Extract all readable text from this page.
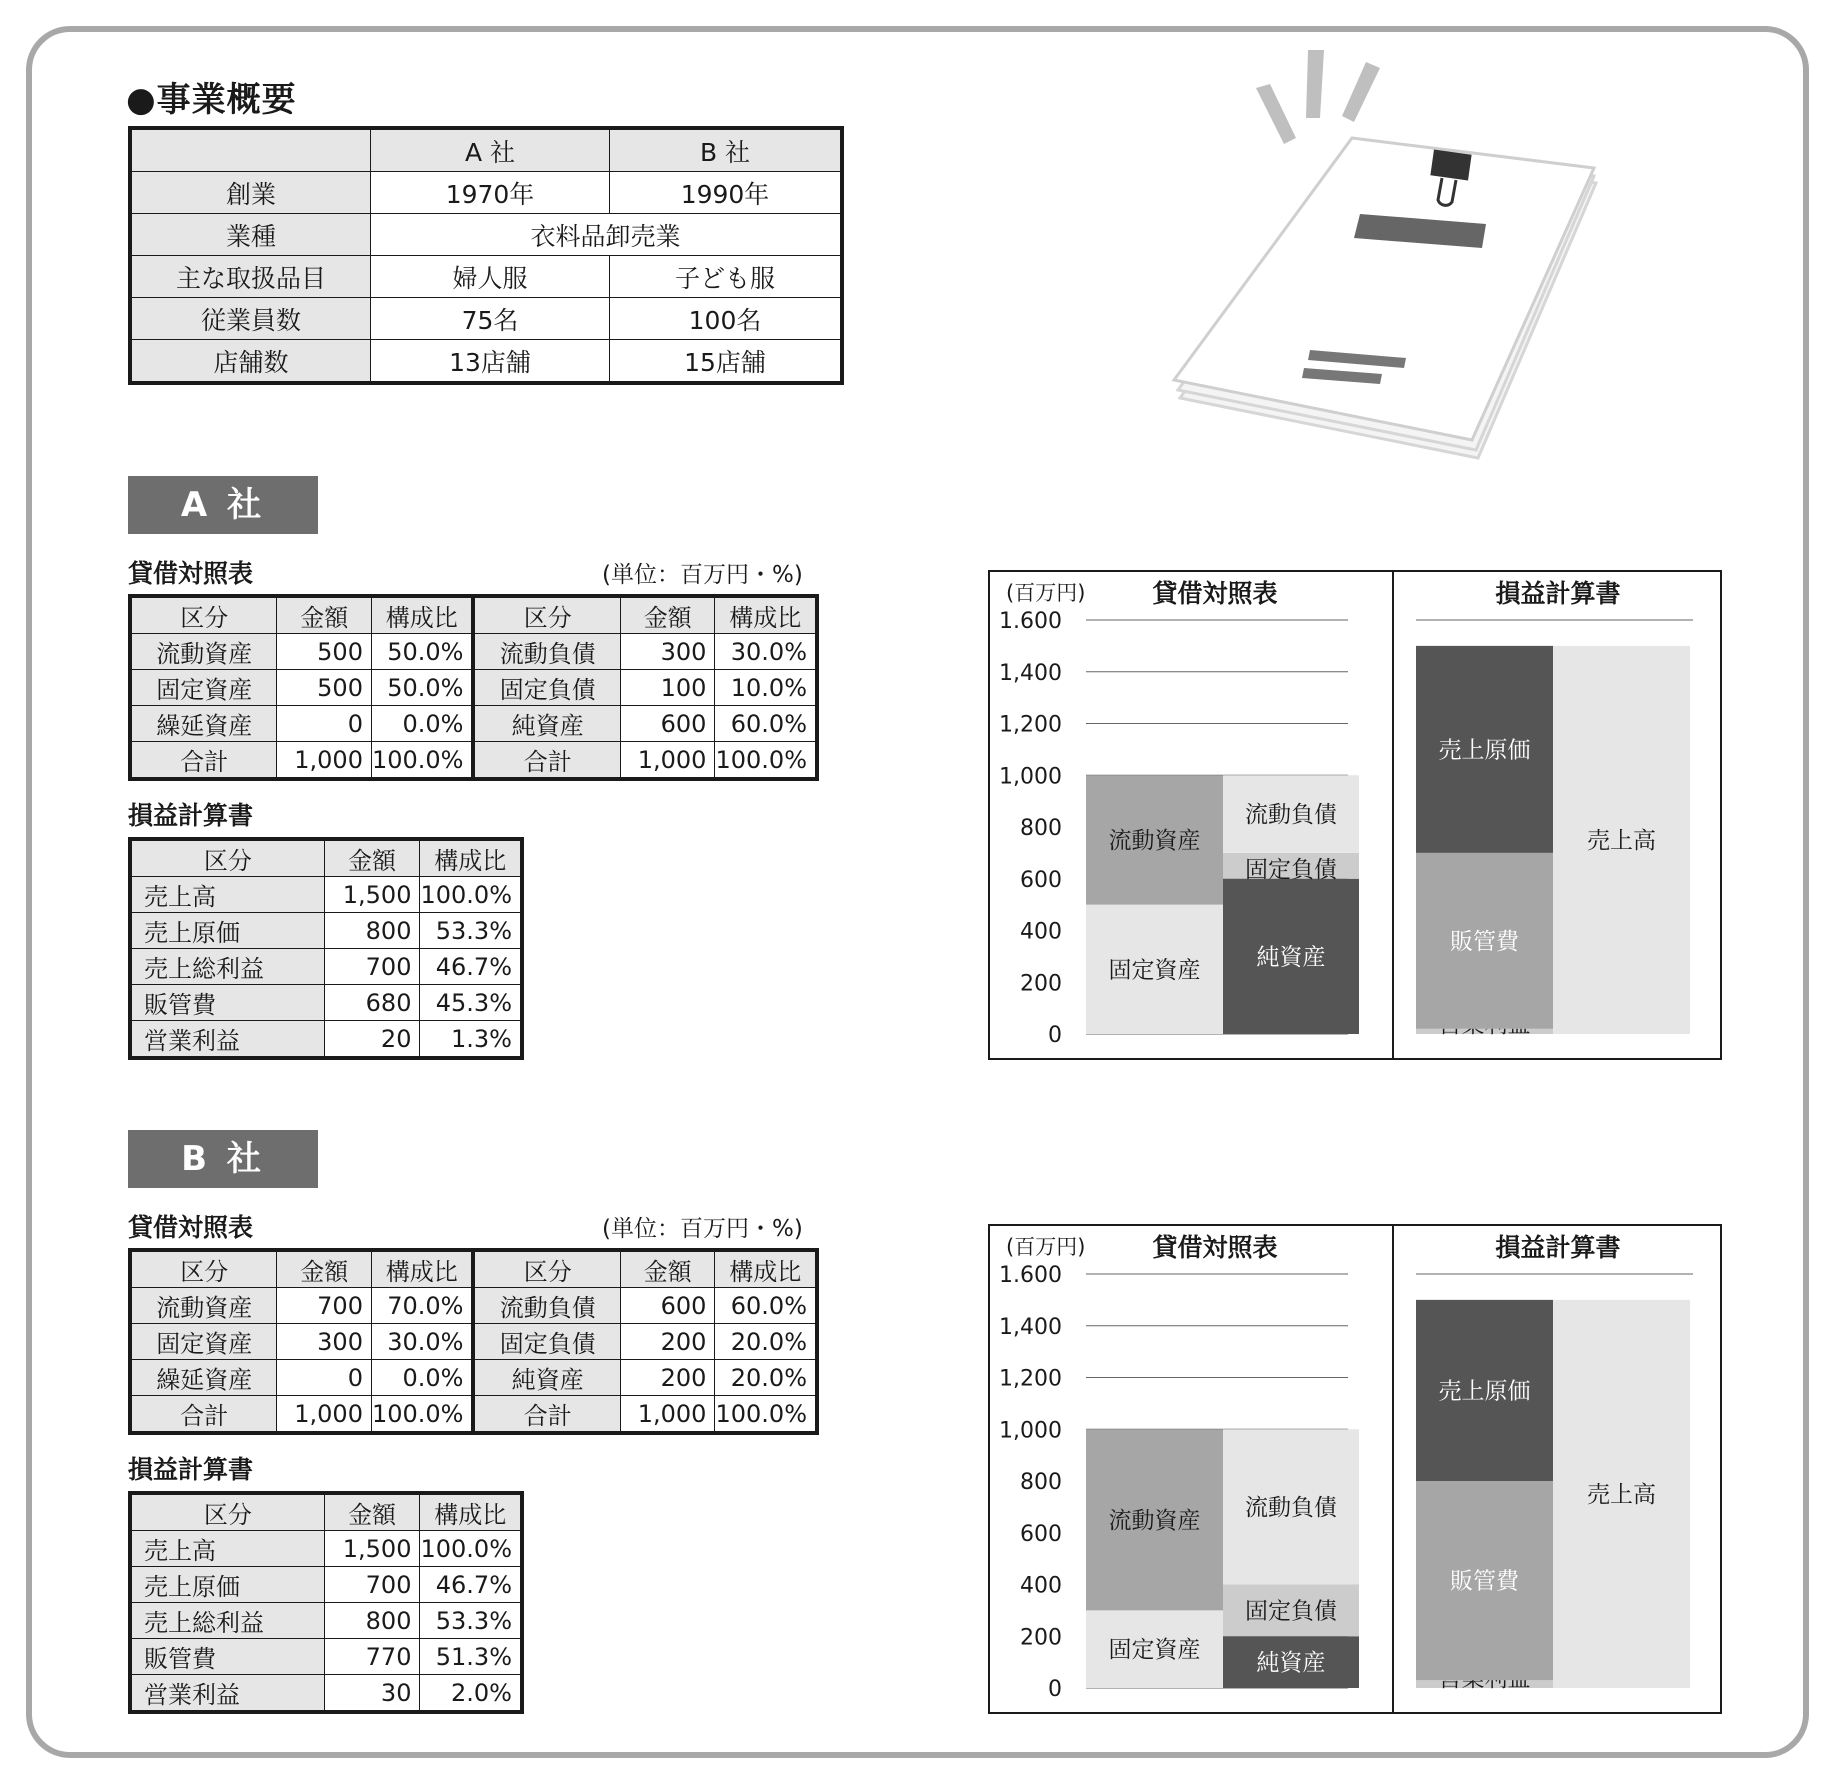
●事業概要
	A 社	B 社
創業	1970年	1990年
業種	衣料品卸売業	
主な取扱品目	婦人服	子ども服
従業員数	75名	100名
店舗数	13店舗	15店舗
A 社
貸借対照表	(単位：百万円・%)
区分	金額	構成比	区分	金額	構成比
流動資産	500	50.0%	流動負債	300	30.0%
固定資産	500	50.0%	固定負債	100	10.0%
繰延資産	0	0.0%	純資産	600	60.0%
合計	1,000	100.0%	合計	1,000	100.0%
損益計算書
区分	金額	構成比
売上高	1,500	100.0%
売上原価	800	53.3%
売上総利益	700	46.7%
販管費	680	45.3%
営業利益	20	1.3%
B 社
貸借対照表	(単位：百万円・%)
区分	金額	構成比	区分	金額	構成比
流動資産	700	70.0%	流動負債	600	60.0%
固定資産	300	30.0%	固定負債	200	20.0%
繰延資産	0	0.0%	純資産	200	20.0%
合計	1,000	100.0%	合計	1,000	100.0%
損益計算書
区分	金額	構成比
売上高	1,500	100.0%
売上原価	700	46.7%
売上総利益	800	53.3%
販管費	770	51.3%
営業利益	30	2.0%
(百万円)	貸借対照表	損益計算書
0
200
400
600
800
1,000
1,200
1,400
1.600
固定資産
流動資産
純資産
固定負債
流動負債
販管費
売上原価
売上高
(百万円)	貸借対照表	損益計算書
0
200
400
600
800
1,000
1,200
1,400
1.600
固定資産
流動資産
純資産
固定負債
流動負債
販管費
売上原価
売上高
